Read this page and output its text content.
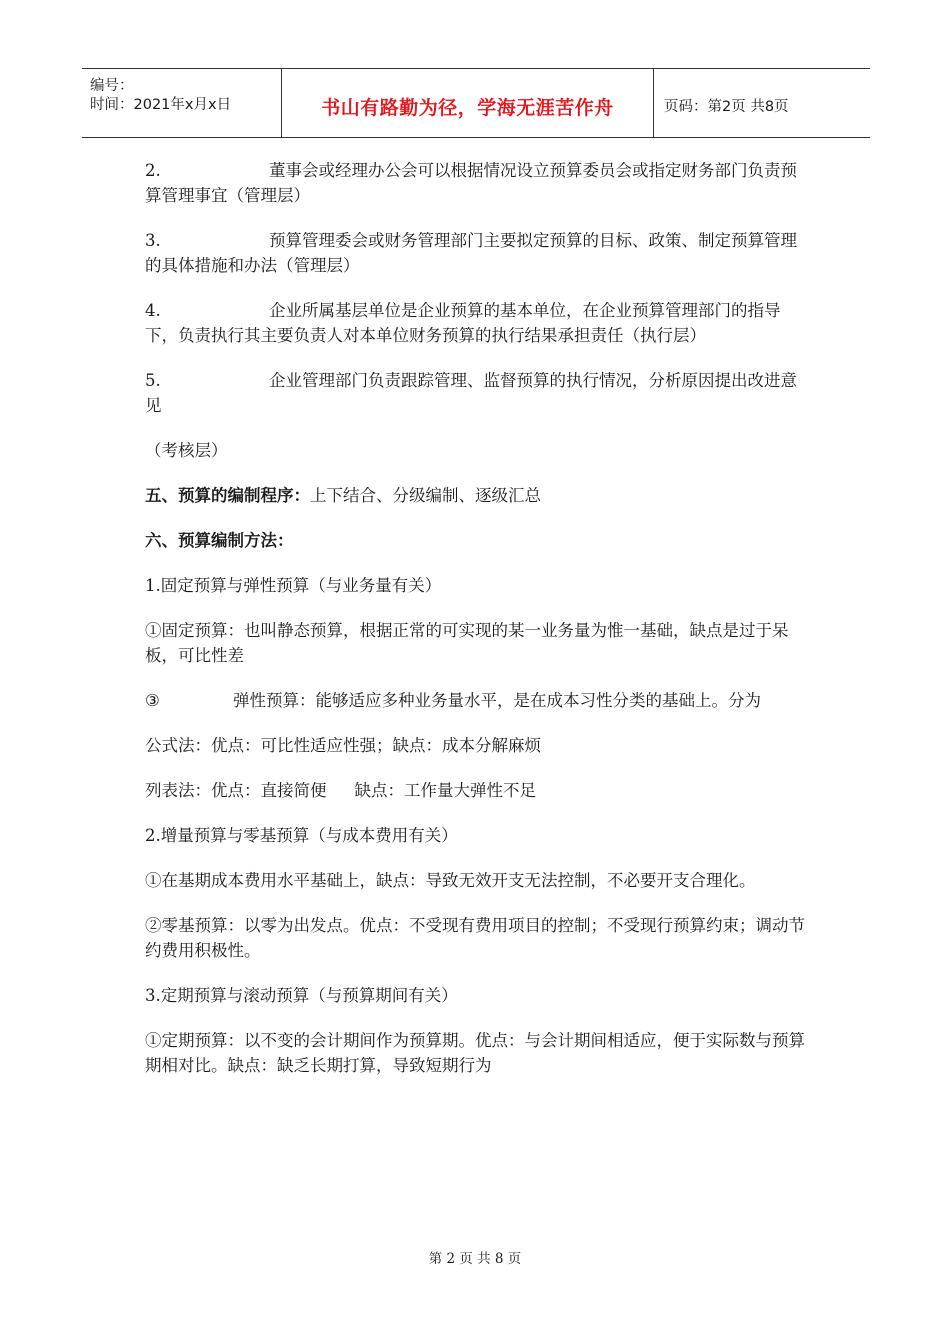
编号：
时间：2021年x月x日	书山有路勤为径，学海无涯苦作舟	页码：第2页 共8页

2.	董事会或经理办公会可以根据情况设立预算委员会或指定财务部门负责预算管理事宜（管理层）

3.	预算管理委会或财务管理部门主要拟定预算的目标、政策、制定预算管理的具体措施和办法（管理层）

4.	企业所属基层单位是企业预算的基本单位，在企业预算管理部门的指导下，负责执行其主要负责人对本单位财务预算的执行结果承担责任（执行层）

5.	企业管理部门负责跟踪管理、监督预算的执行情况，分析原因提出改进意见

（考核层）

五、预算的编制程序：上下结合、分级编制、逐级汇总

六、预算编制方法：

1.固定预算与弹性预算（与业务量有关）

①固定预算：也叫静态预算，根据正常的可实现的某一业务量为惟一基础，缺点是过于呆板，可比性差

③	弹性预算：能够适应多种业务量水平，是在成本习性分类的基础上。分为

公式法：优点：可比性适应性强；缺点：成本分解麻烦

列表法：优点：直接简便 缺点：工作量大弹性不足

2.增量预算与零基预算（与成本费用有关）

①在基期成本费用水平基础上，缺点：导致无效开支无法控制，不必要开支合理化。

②零基预算：以零为出发点。优点：不受现有费用项目的控制；不受现行预算约束；调动节约费用积极性。

3.定期预算与滚动预算（与预算期间有关）

①定期预算：以不变的会计期间作为预算期。优点：与会计期间相适应，便于实际数与预算期相对比。缺点：缺乏长期打算，导致短期行为

第 2 页 共 8 页
